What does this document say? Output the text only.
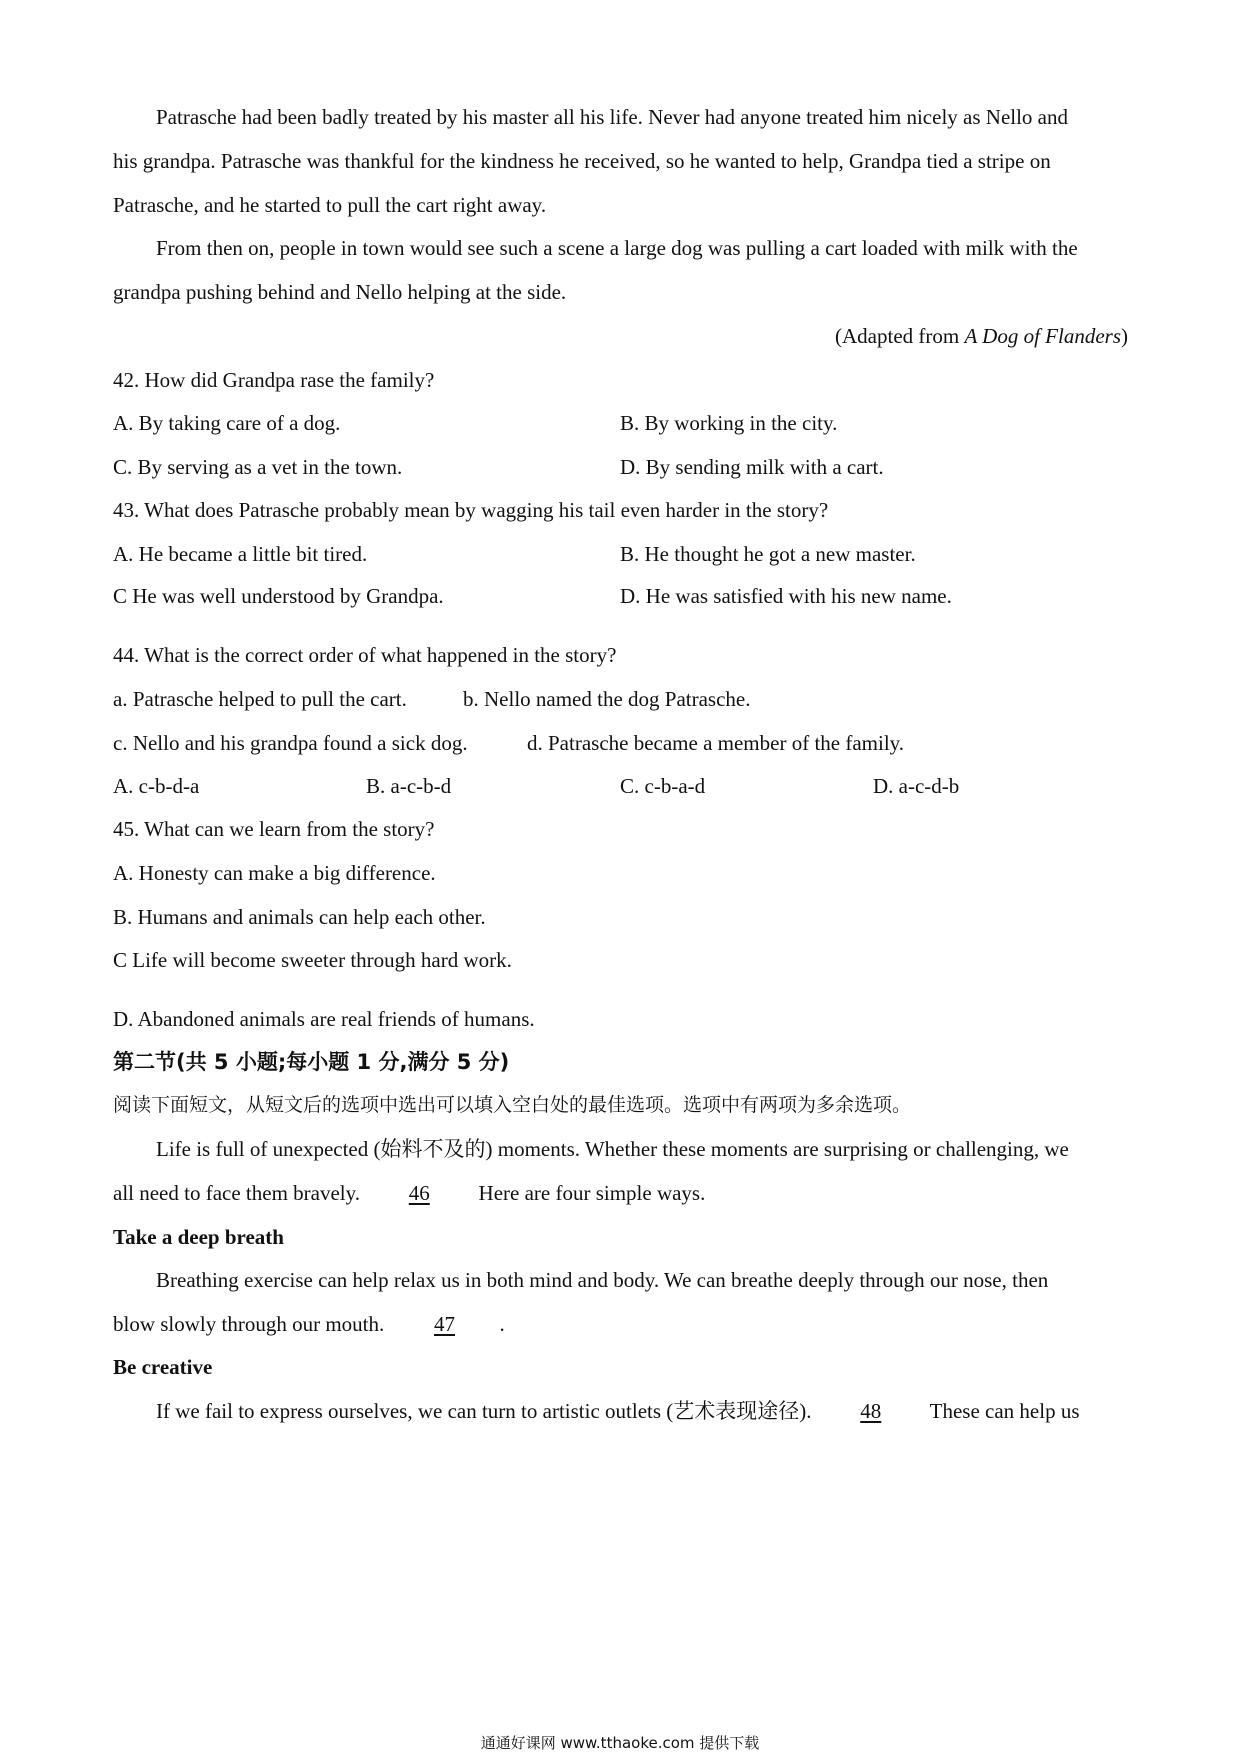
Patrasche had been badly treated by his master all his life. Never had anyone treated him nicely as Nello and
his grandpa. Patrasche was thankful for the kindness he received, so he wanted to help, Grandpa tied a stripe on
Patrasche, and he started to pull the cart right away.
From then on, people in town would see such a scene a large dog was pulling a cart loaded with milk with the
grandpa pushing behind and Nello helping at the side.
(Adapted from A Dog of Flanders)
42. How did Grandpa rase the family?
A. By taking care of a dog.	B. By working in the city.
C. By serving as a vet in the town.	D. By sending milk with a cart.
43. What does Patrasche probably mean by wagging his tail even harder in the story?
A. He became a little bit tired.	B. He thought he got a new master.
C He was well understood by Grandpa.	D. He was satisfied with his new name.
44. What is the correct order of what happened in the story?
a. Patrasche helped to pull the cart.	b. Nello named the dog Patrasche.
c. Nello and his grandpa found a sick dog.	d. Patrasche became a member of the family.
A. c-b-d-a	B. a-c-b-d	C. c-b-a-d	D. a-c-d-b
45. What can we learn from the story?
A. Honesty can make a big difference.
B. Humans and animals can help each other.
C Life will become sweeter through hard work.
D. Abandoned animals are real friends of humans.
第二节(共 5 小题;每小题 1 分,满分 5 分)
阅读下面短文，从短文后的选项中选出可以填入空白处的最佳选项。选项中有两项为多余选项。
Life is full of unexpected (始料不及的) moments. Whether these moments are surprising or challenging, we
all need to face them bravely. 46 Here are four simple ways.
Take a deep breath
Breathing exercise can help relax us in both mind and body. We can breathe deeply through our nose, then
blow slowly through our mouth. 47 .
Be creative
If we fail to express ourselves, we can turn to artistic outlets (艺术表现途径). 48 These can help us
通通好课网 www.tthaoke.com 提供下载
